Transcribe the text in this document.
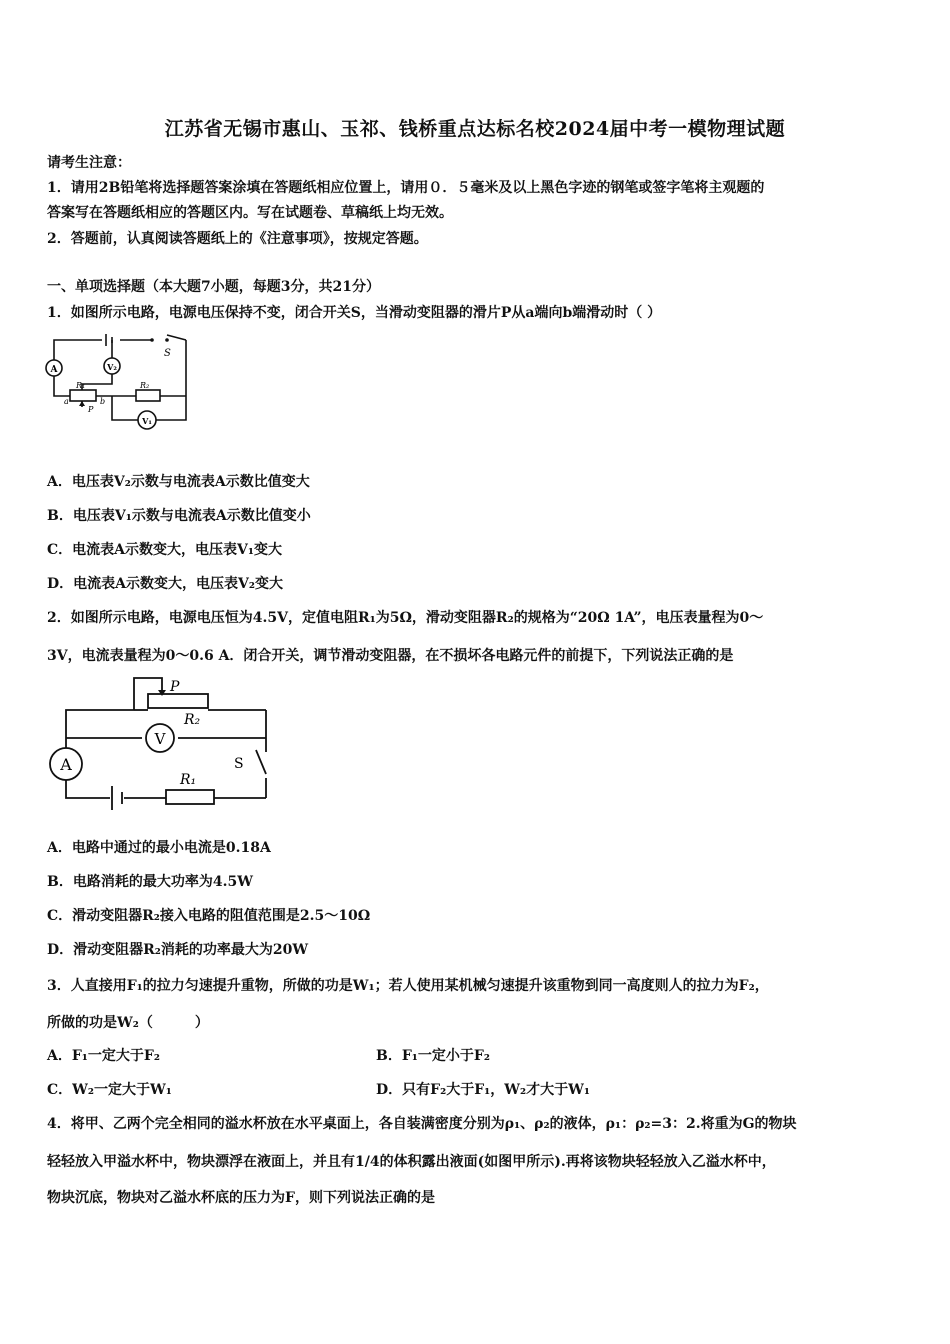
江苏省无锡市惠山、玉祁、钱桥重点达标名校2024届中考一模物理试题
请考生注意：
1．请用2B铅笔将选择题答案涂填在答题纸相应位置上，请用０．５毫米及以上黑色字迹的钢笔或签字笔将主观题的
答案写在答题纸相应的答题区内。写在试题卷、草稿纸上均无效。
2．答题前，认真阅读答题纸上的《注意事项》，按规定答题。
一、单项选择题（本大题7小题，每题3分，共21分）
1．如图所示电路，电源电压保持不变，闭合开关S，当滑动变阻器的滑片P从a端向b端滑动时（ ）
A	V₂
V₁
S
R₁	R₂
a	b
P
A．电压表V₂示数与电流表A示数比值变大
B．电压表V₁示数与电流表A示数比值变小
C．电流表A示数变大，电压表V₁变大
D．电流表A示数变大，电压表V₂变大
2．如图所示电路，电源电压恒为4.5V，定值电阻R₁为5Ω，滑动变阻器R₂的规格为“20Ω 1A”，电压表量程为0～
3V，电流表量程为0～0.6 A．闭合开关，调节滑动变阻器，在不损坏各电路元件的前提下，下列说法正确的是
V
A
P
R₂
S
R₁
A．电路中通过的最小电流是0.18A
B．电路消耗的最大功率为4.5W
C．滑动变阻器R₂接入电路的阻值范围是2.5～10Ω
D．滑动变阻器R₂消耗的功率最大为20W
3．人直接用F₁的拉力匀速提升重物，所做的功是W₁；若人使用某机械匀速提升该重物到同一高度则人的拉力为F₂，
所做的功是W₂（　　　）
A．F₁一定大于F₂	B．F₁一定小于F₂
C．W₂一定大于W₁	D．只有F₂大于F₁，W₂才大于W₁
4．将甲、乙两个完全相同的溢水杯放在水平桌面上，各自装满密度分别为ρ₁、ρ₂的液体，ρ₁：ρ₂=3：2.将重为G的物块
轻轻放入甲溢水杯中，物块漂浮在液面上，并且有1/4的体积露出液面(如图甲所示).再将该物块轻轻放入乙溢水杯中，
物块沉底，物块对乙溢水杯底的压力为F，则下列说法正确的是
